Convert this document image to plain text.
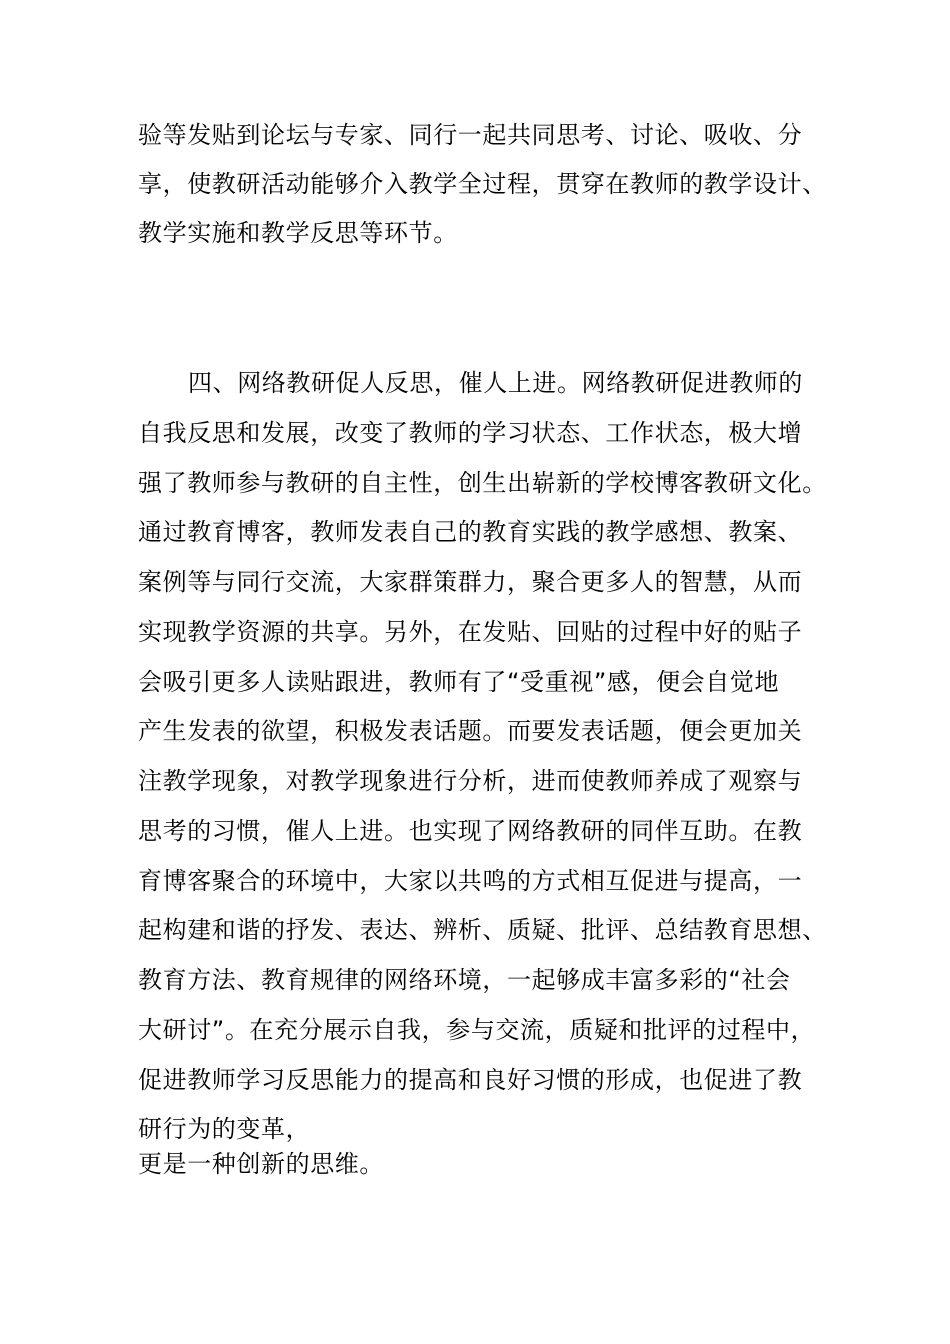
验等发贴到论坛与专家、同行一起共同思考、讨论、吸收、分
享，使教研活动能够介入教学全过程，贯穿在教师的教学设计、
教学实施和教学反思等环节。
四、网络教研促人反思，催人上进。网络教研促进教师的
自我反思和发展，改变了教师的学习状态、工作状态，极大增
强了教师参与教研的自主性，创生出崭新的学校博客教研文化。
通过教育博客，教师发表自己的教育实践的教学感想、教案、
案例等与同行交流，大家群策群力，聚合更多人的智慧，从而
实现教学资源的共享。另外，在发贴、回贴的过程中好的贴子
会吸引更多人读贴跟进，教师有了“受重视”感，便会自觉地
产生发表的欲望，积极发表话题。而要发表话题，便会更加关
注教学现象，对教学现象进行分析，进而使教师养成了观察与
思考的习惯，催人上进。也实现了网络教研的同伴互助。在教
育博客聚合的环境中，大家以共鸣的方式相互促进与提高，一
起构建和谐的抒发、表达、辨析、质疑、批评、总结教育思想、
教育方法、教育规律的网络环境，一起够成丰富多彩的“社会
大研讨”。在充分展示自我，参与交流，质疑和批评的过程中，
促进教师学习反思能力的提高和良好习惯的形成，也促进了教
研行为的变革，
更是一种创新的思维。
